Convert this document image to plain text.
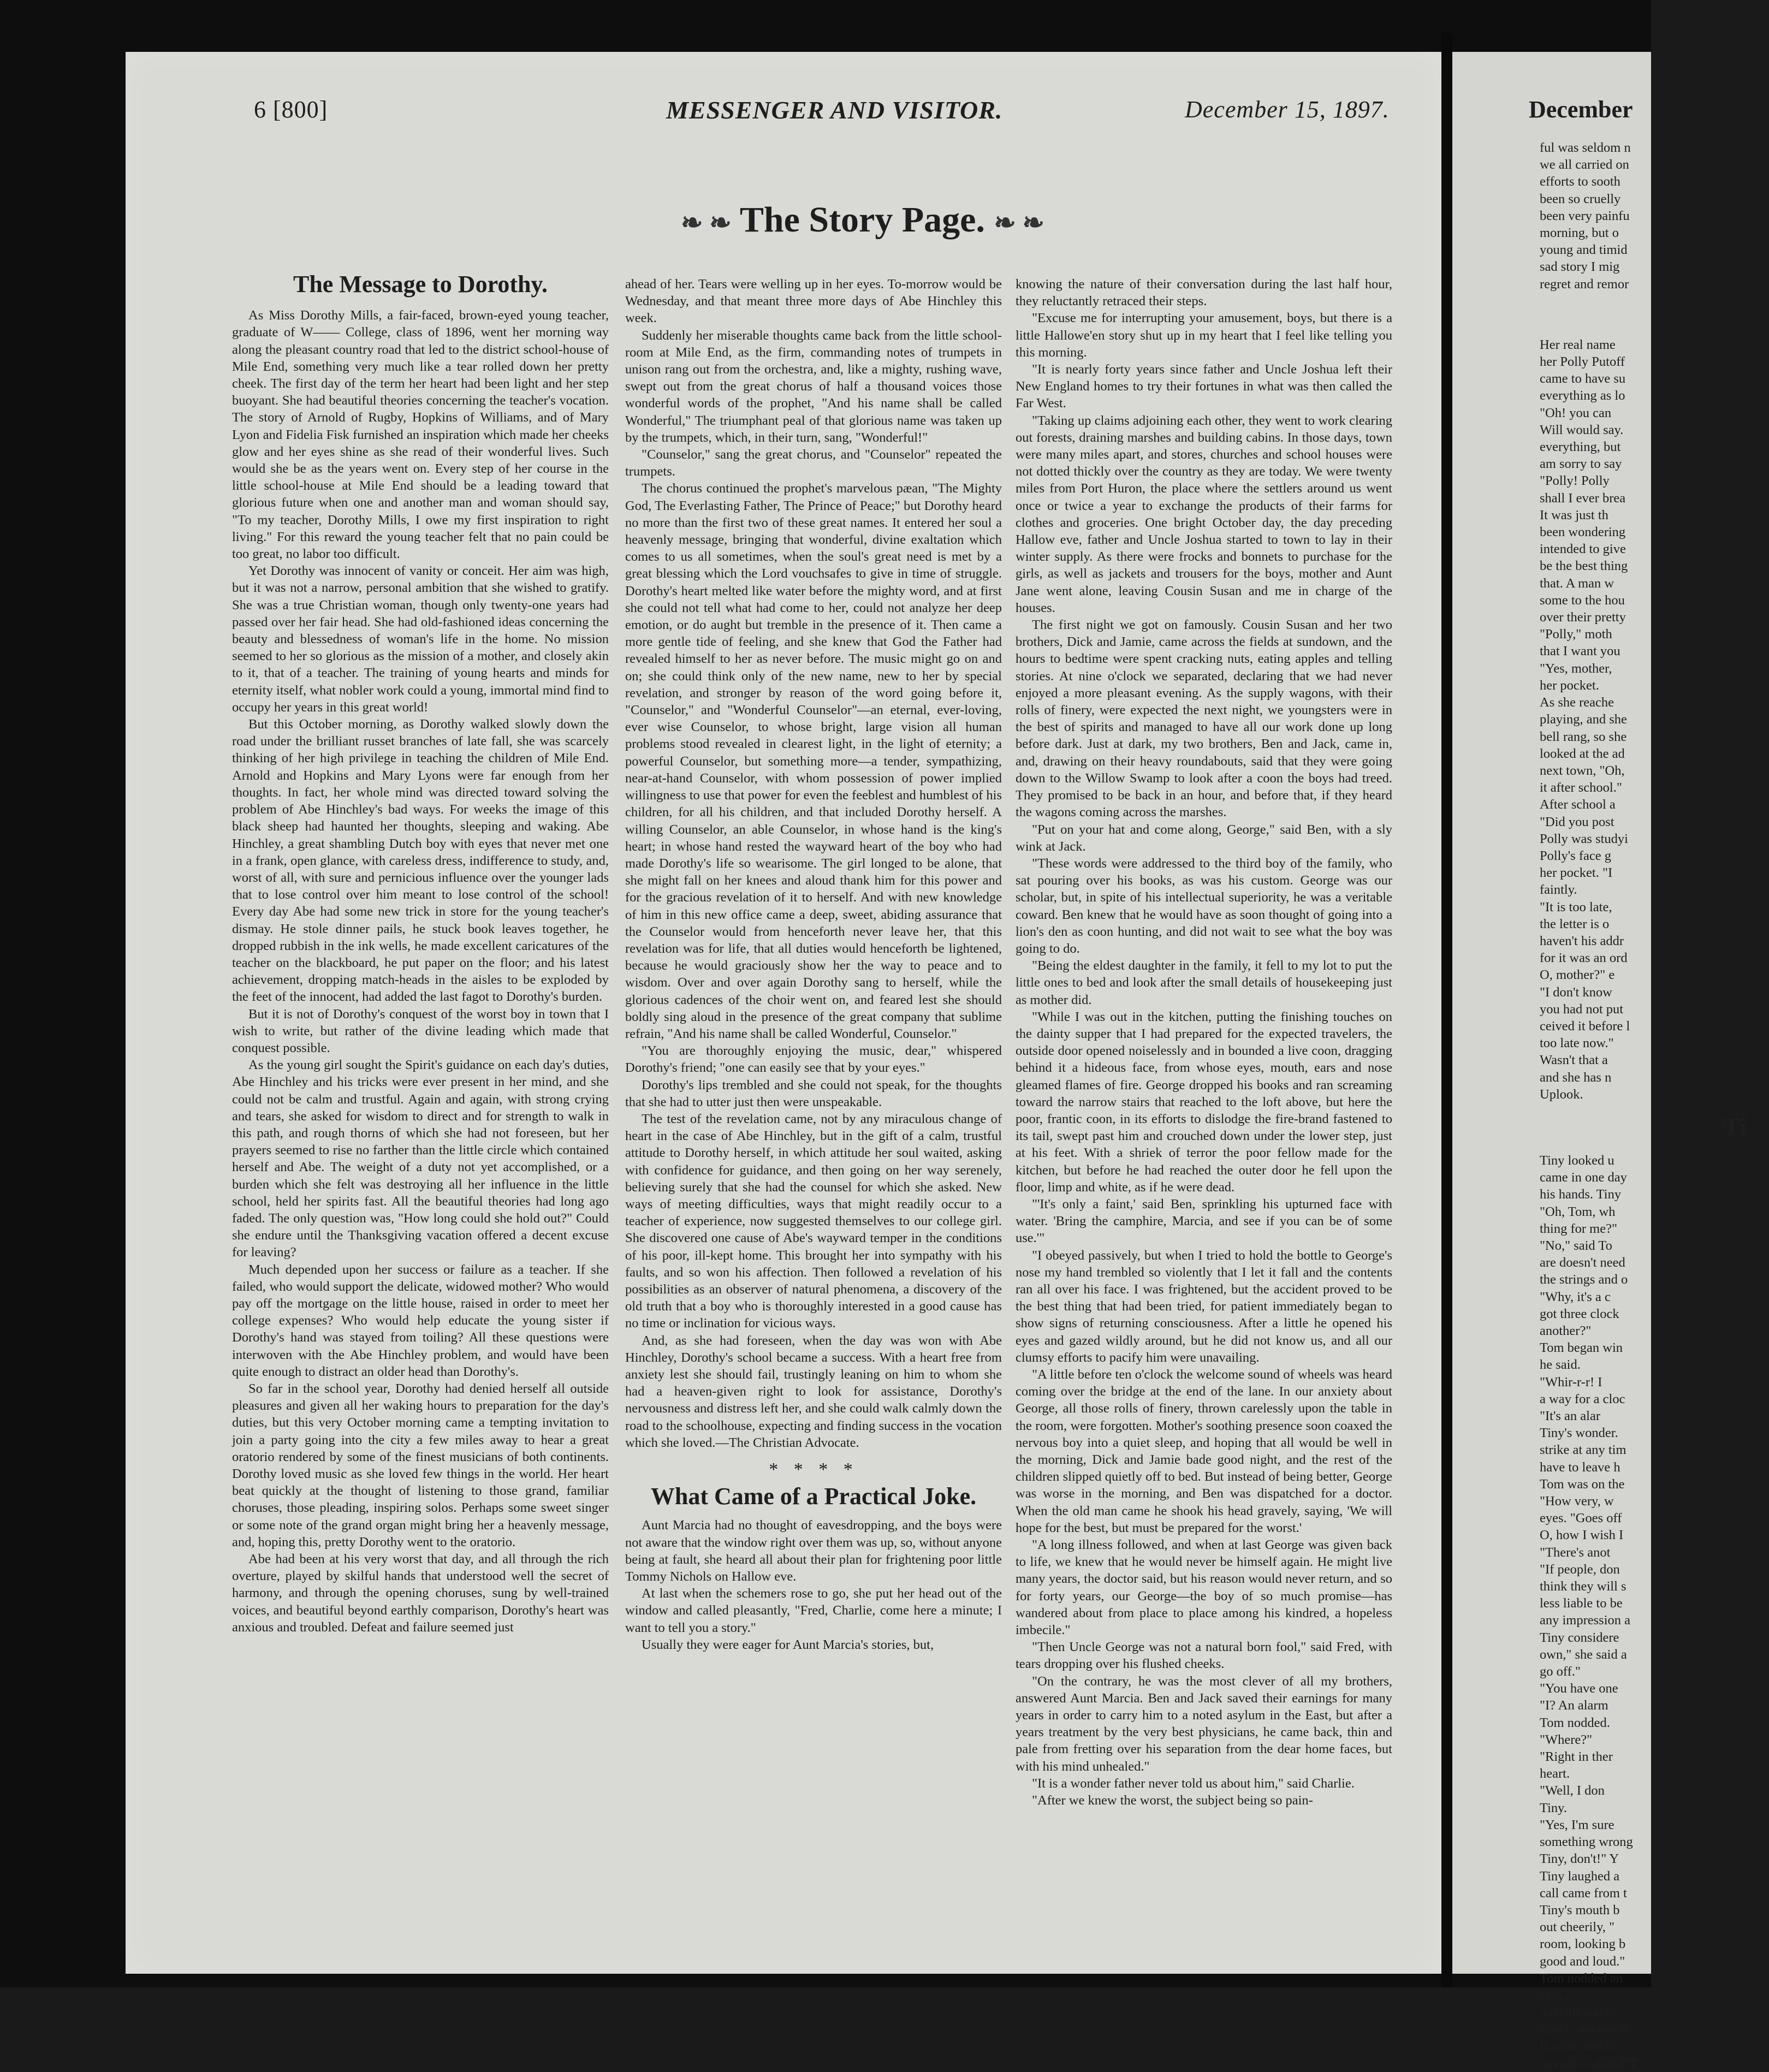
6 [800]	MESSENGER AND VISITOR.	December 15, 1897.
❧ ❧ The Story Page. ❧ ❧
The Message to Dorothy.

As Miss Dorothy Mills, a fair-faced, brown-eyed young teacher, graduate of W—— College, class of 1896, went her morning way along the pleasant country road that led to the district school-house of Mile End, something very much like a tear rolled down her pretty cheek. The first day of the term her heart had been light and her step buoyant. She had beautiful theories concerning the teacher's vocation. The story of Arnold of Rugby, Hopkins of Williams, and of Mary Lyon and Fidelia Fisk furnished an inspiration which made her cheeks glow and her eyes shine as she read of their wonderful lives. Such would she be as the years went on. Every step of her course in the little school-house at Mile End should be a leading toward that glorious future when one and another man and woman should say, "To my teacher, Dorothy Mills, I owe my first inspiration to right living." For this reward the young teacher felt that no pain could be too great, no labor too difficult.

Yet Dorothy was innocent of vanity or conceit. Her aim was high, but it was not a narrow, personal ambition that she wished to gratify. She was a true Christian woman, though only twenty-one years had passed over her fair head. She had old-fashioned ideas concerning the beauty and blessedness of woman's life in the home. No mission seemed to her so glorious as the mission of a mother, and closely akin to it, that of a teacher. The training of young hearts and minds for eternity itself, what nobler work could a young, immortal mind find to occupy her years in this great world!

But this October morning, as Dorothy walked slowly down the road under the brilliant russet branches of late fall, she was scarcely thinking of her high privilege in teaching the children of Mile End. Arnold and Hopkins and Mary Lyons were far enough from her thoughts. In fact, her whole mind was directed toward solving the problem of Abe Hinchley's bad ways. For weeks the image of this black sheep had haunted her thoughts, sleeping and waking. Abe Hinchley, a great shambling Dutch boy with eyes that never met one in a frank, open glance, with careless dress, indifference to study, and, worst of all, with sure and pernicious influence over the younger lads that to lose control over him meant to lose control of the school! Every day Abe had some new trick in store for the young teacher's dismay. He stole dinner pails, he stuck book leaves together, he dropped rubbish in the ink wells, he made excellent caricatures of the teacher on the blackboard, he put paper on the floor; and his latest achievement, dropping match-heads in the aisles to be exploded by the feet of the innocent, had added the last fagot to Dorothy's burden.

But it is not of Dorothy's conquest of the worst boy in town that I wish to write, but rather of the divine leading which made that conquest possible.

As the young girl sought the Spirit's guidance on each day's duties, Abe Hinchley and his tricks were ever present in her mind, and she could not be calm and trustful. Again and again, with strong crying and tears, she asked for wisdom to direct and for strength to walk in this path, and rough thorns of which she had not foreseen, but her prayers seemed to rise no farther than the little circle which contained herself and Abe. The weight of a duty not yet accomplished, or a burden which she felt was destroying all her influence in the little school, held her spirits fast. All the beautiful theories had long ago faded. The only question was, "How long could she hold out?" Could she endure until the Thanksgiving vacation offered a decent excuse for leaving?

Much depended upon her success or failure as a teacher. If she failed, who would support the delicate, widowed mother? Who would pay off the mortgage on the little house, raised in order to meet her college expenses? Who would help educate the young sister if Dorothy's hand was stayed from toiling? All these questions were interwoven with the Abe Hinchley problem, and would have been quite enough to distract an older head than Dorothy's.

So far in the school year, Dorothy had denied herself all outside pleasures and given all her waking hours to preparation for the day's duties, but this very October morning came a tempting invitation to join a party going into the city a few miles away to hear a great oratorio rendered by some of the finest musicians of both continents. Dorothy loved music as she loved few things in the world. Her heart beat quickly at the thought of listening to those grand, familiar choruses, those pleading, inspiring solos. Perhaps some sweet singer or some note of the grand organ might bring her a heavenly message, and, hoping this, pretty Dorothy went to the oratorio.

Abe had been at his very worst that day, and all through the rich overture, played by skilful hands that understood well the secret of harmony, and through the opening choruses, sung by well-trained voices, and beautiful beyond earthly comparison, Dorothy's heart was anxious and troubled. Defeat and failure seemed just

ahead of her. Tears were welling up in her eyes. To-morrow would be Wednesday, and that meant three more days of Abe Hinchley this week.

Suddenly her miserable thoughts came back from the little school-room at Mile End, as the firm, commanding notes of trumpets in unison rang out from the orchestra, and, like a mighty, rushing wave, swept out from the great chorus of half a thousand voices those wonderful words of the prophet, "And his name shall be called Wonderful," The triumphant peal of that glorious name was taken up by the trumpets, which, in their turn, sang, "Wonderful!"

"Counselor," sang the great chorus, and "Counselor" repeated the trumpets.

The chorus continued the prophet's marvelous pæan, "The Mighty God, The Everlasting Father, The Prince of Peace;" but Dorothy heard no more than the first two of these great names. It entered her soul a heavenly message, bringing that wonderful, divine exaltation which comes to us all sometimes, when the soul's great need is met by a great blessing which the Lord vouchsafes to give in time of struggle. Dorothy's heart melted like water before the mighty word, and at first she could not tell what had come to her, could not analyze her deep emotion, or do aught but tremble in the presence of it. Then came a more gentle tide of feeling, and she knew that God the Father had revealed himself to her as never before. The music might go on and on; she could think only of the new name, new to her by special revelation, and stronger by reason of the word going before it, "Counselor," and "Wonderful Counselor"—an eternal, ever-loving, ever wise Counselor, to whose bright, large vision all human problems stood revealed in clearest light, in the light of eternity; a powerful Counselor, but something more—a tender, sympathizing, near-at-hand Counselor, with whom possession of power implied willingness to use that power for even the feeblest and humblest of his children, for all his children, and that included Dorothy herself. A willing Counselor, an able Counselor, in whose hand is the king's heart; in whose hand rested the wayward heart of the boy who had made Dorothy's life so wearisome. The girl longed to be alone, that she might fall on her knees and aloud thank him for this power and for the gracious revelation of it to herself. And with new knowledge of him in this new office came a deep, sweet, abiding assurance that the Counselor would from henceforth never leave her, that this revelation was for life, that all duties would henceforth be lightened, because he would graciously show her the way to peace and to wisdom. Over and over again Dorothy sang to herself, while the glorious cadences of the choir went on, and feared lest she should boldly sing aloud in the presence of the great company that sublime refrain, "And his name shall be called Wonderful, Counselor."

"You are thoroughly enjoying the music, dear," whispered Dorothy's friend; "one can easily see that by your eyes."

Dorothy's lips trembled and she could not speak, for the thoughts that she had to utter just then were unspeakable.

The test of the revelation came, not by any miraculous change of heart in the case of Abe Hinchley, but in the gift of a calm, trustful attitude to Dorothy herself, in which attitude her soul waited, asking with confidence for guidance, and then going on her way serenely, believing surely that she had the counsel for which she asked. New ways of meeting difficulties, ways that might readily occur to a teacher of experience, now suggested themselves to our college girl. She discovered one cause of Abe's wayward temper in the conditions of his poor, ill-kept home. This brought her into sympathy with his faults, and so won his affection. Then followed a revelation of his possibilities as an observer of natural phenomena, a discovery of the old truth that a boy who is thoroughly interested in a good cause has no time or inclination for vicious ways.

And, as she had foreseen, when the day was won with Abe Hinchley, Dorothy's school became a success. With a heart free from anxiety lest she should fail, trustingly leaning on him to whom she had a heaven-given right to look for assistance, Dorothy's nervousness and distress left her, and she could walk calmly down the road to the schoolhouse, expecting and finding success in the vocation which she loved.—The Christian Advocate.

* * * *
What Came of a Practical Joke.

Aunt Marcia had no thought of eavesdropping, and the boys were not aware that the window right over them was up, so, without anyone being at fault, she heard all about their plan for frightening poor little Tommy Nichols on Hallow eve.

At last when the schemers rose to go, she put her head out of the window and called pleasantly, "Fred, Charlie, come here a minute; I want to tell you a story."

Usually they were eager for Aunt Marcia's stories, but,

knowing the nature of their conversation during the last half hour, they reluctantly retraced their steps.

"Excuse me for interrupting your amusement, boys, but there is a little Hallowe'en story shut up in my heart that I feel like telling you this morning.

"It is nearly forty years since father and Uncle Joshua left their New England homes to try their fortunes in what was then called the Far West.

"Taking up claims adjoining each other, they went to work clearing out forests, draining marshes and building cabins. In those days, town were many miles apart, and stores, churches and school houses were not dotted thickly over the country as they are today. We were twenty miles from Port Huron, the place where the settlers around us went once or twice a year to exchange the products of their farms for clothes and groceries. One bright October day, the day preceding Hallow eve, father and Uncle Joshua started to town to lay in their winter supply. As there were frocks and bonnets to purchase for the girls, as well as jackets and trousers for the boys, mother and Aunt Jane went alone, leaving Cousin Susan and me in charge of the houses.

The first night we got on famously. Cousin Susan and her two brothers, Dick and Jamie, came across the fields at sundown, and the hours to bedtime were spent cracking nuts, eating apples and telling stories. At nine o'clock we separated, declaring that we had never enjoyed a more pleasant evening. As the supply wagons, with their rolls of finery, were expected the next night, we youngsters were in the best of spirits and managed to have all our work done up long before dark. Just at dark, my two brothers, Ben and Jack, came in, and, drawing on their heavy roundabouts, said that they were going down to the Willow Swamp to look after a coon the boys had treed. They promised to be back in an hour, and before that, if they heard the wagons coming across the marshes.

"Put on your hat and come along, George," said Ben, with a sly wink at Jack.

"These words were addressed to the third boy of the family, who sat pouring over his books, as was his custom. George was our scholar, but, in spite of his intellectual superiority, he was a veritable coward. Ben knew that he would have as soon thought of going into a lion's den as coon hunting, and did not wait to see what the boy was going to do.

"Being the eldest daughter in the family, it fell to my lot to put the little ones to bed and look after the small details of housekeeping just as mother did.

"While I was out in the kitchen, putting the finishing touches on the dainty supper that I had prepared for the expected travelers, the outside door opened noiselessly and in bounded a live coon, dragging behind it a hideous face, from whose eyes, mouth, ears and nose gleamed flames of fire. George dropped his books and ran screaming toward the narrow stairs that reached to the loft above, but here the poor, frantic coon, in its efforts to dislodge the fire-brand fastened to its tail, swept past him and crouched down under the lower step, just at his feet. With a shriek of terror the poor fellow made for the kitchen, but before he had reached the outer door he fell upon the floor, limp and white, as if he were dead.

"'It's only a faint,' said Ben, sprinkling his upturned face with water. 'Bring the camphire, Marcia, and see if you can be of some use.'"

"I obeyed passively, but when I tried to hold the bottle to George's nose my hand trembled so violently that I let it fall and the contents ran all over his face. I was frightened, but the accident proved to be the best thing that had been tried, for patient immediately began to show signs of returning consciousness. After a little he opened his eyes and gazed wildly around, but he did not know us, and all our clumsy efforts to pacify him were unavailing.

"A little before ten o'clock the welcome sound of wheels was heard coming over the bridge at the end of the lane. In our anxiety about George, all those rolls of finery, thrown carelessly upon the table in the room, were forgotten. Mother's soothing presence soon coaxed the nervous boy into a quiet sleep, and hoping that all would be well in the morning, Dick and Jamie bade good night, and the rest of the children slipped quietly off to bed. But instead of being better, George was worse in the morning, and Ben was dispatched for a doctor. When the old man came he shook his head gravely, saying, 'We will hope for the best, but must be prepared for the worst.'

"A long illness followed, and when at last George was given back to life, we knew that he would never be himself again. He might live many years, the doctor said, but his reason would never return, and so for forty years, our George—the boy of so much promise—has wandered about from place to place among his kindred, a hopeless imbecile."

"Then Uncle George was not a natural born fool," said Fred, with tears dropping over his flushed cheeks.

"On the contrary, he was the most clever of all my brothers, answered Aunt Marcia. Ben and Jack saved their earnings for many years in order to carry him to a noted asylum in the East, but after a years treatment by the very best physicians, he came back, thin and pale from fretting over his separation from the dear home faces, but with his mind unhealed."

"It is a wonder father never told us about him," said Charlie.

"After we knew the worst, the subject being so pain-

December

ful was seldom n

we all carried on

efforts to sooth

been so cruelly

been very painfu

morning, but o

young and timid

sad story I mig

regret and remor

Her real name

her Polly Putoff

came to have su

everything as lo

"Oh! you can

Will would say.

everything, but

am sorry to say

"Polly! Polly

shall I ever brea

It was just th

been wondering

intended to give

be the best thing

that. A man w

some to the hou

over their pretty

"Polly," moth

that I want you

"Yes, mother,

her pocket.

As she reache

playing, and she

bell rang, so she

looked at the ad

next town, "Oh,

it after school."

After school a

"Did you post

Polly was studyi

Polly's face g

her pocket. "I

faintly.

"It is too late,

the letter is o

haven't his addr

for it was an ord

O, mother?" e

"I don't know

you had not put

ceived it before l

too late now."

Wasn't that a

and she has n

Uplook.

Ti

Tiny looked u

came in one day

his hands. Tiny

"Oh, Tom, wh

thing for me?"

"No," said To

are doesn't need

the strings and o

"Why, it's a c

got three clock

another?"

Tom began win

he said.

"Whir-r-r! I

a way for a cloc

"It's an alar

Tiny's wonder.

strike at any tim

have to leave h

Tom was on the

"How very, w

eyes. "Goes off

O, how I wish I

"There's anot

"If people, don

think they will s

less liable to be

any impression a

Tiny considere

own," she said a

go off."

"You have one

"I? An alarm

Tom nodded.

"Where?"

"Right in ther

heart.

"Well, I don

Tiny.

"Yes, I'm sure

something wrong

Tiny, don't!" Y

Tiny laughed a

call came from t

Tiny's mouth b

out cheerily, "

room, looking b

good and loud."

Tom nodded an

said.

And all you li

sure to answer th

in vain, and tu

women.—Great T
